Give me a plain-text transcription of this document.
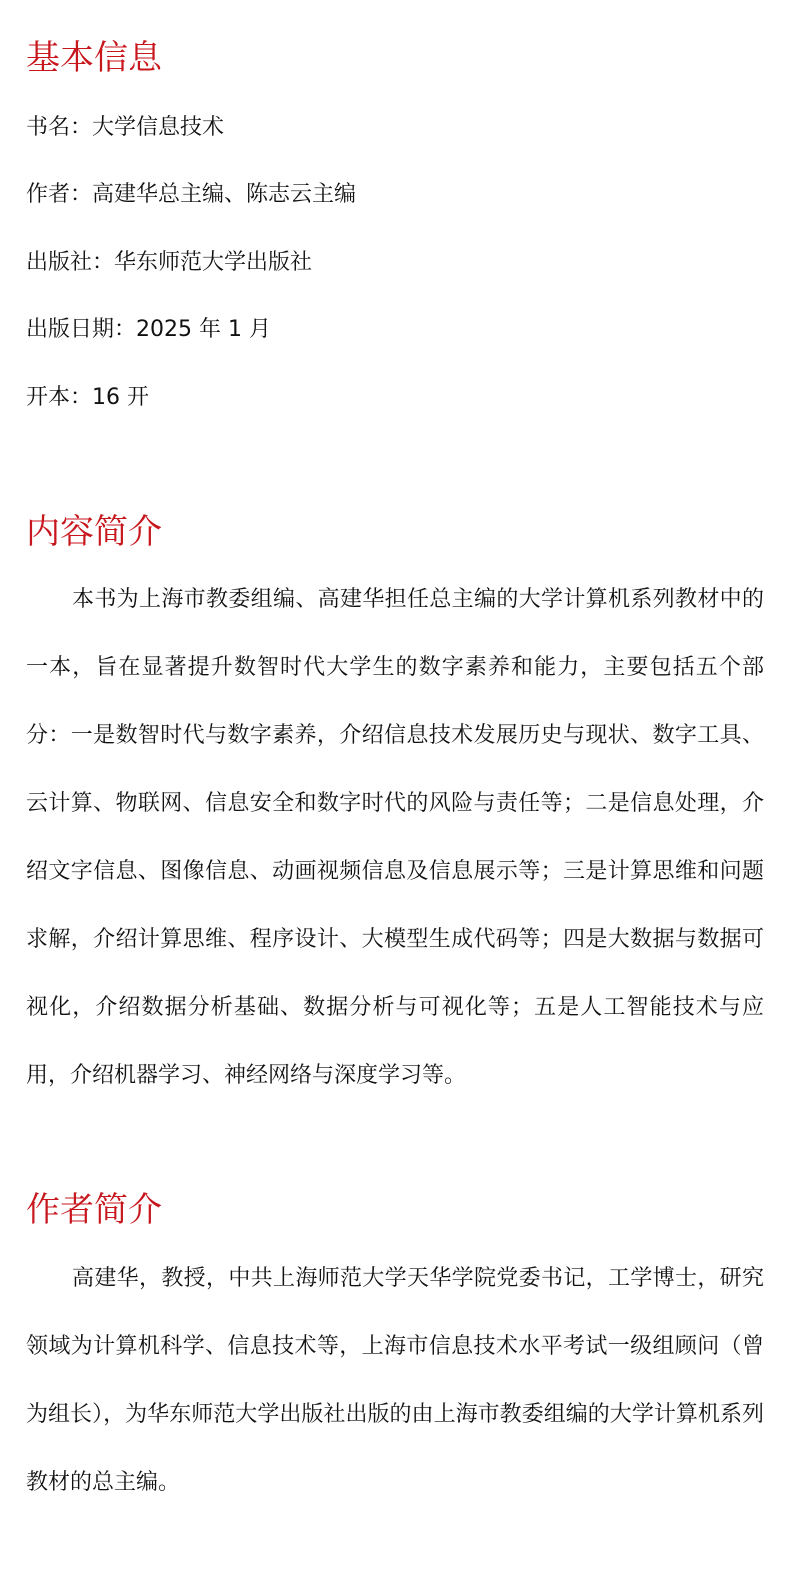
基本信息
书名：大学信息技术
作者：高建华总主编、陈志云主编
出版社：华东师范大学出版社
出版日期：2025 年 1 月
开本：16 开
内容简介
本书为上海市教委组编、高建华担任总主编的大学计算机系列教材中的一本，旨在显著提升数智时代大学生的数字素养和能力，主要包括五个部分：一是数智时代与数字素养，介绍信息技术发展历史与现状、数字工具、云计算、物联网、信息安全和数字时代的风险与责任等；二是信息处理，介绍文字信息、图像信息、动画视频信息及信息展示等；三是计算思维和问题求解，介绍计算思维、程序设计、大模型生成代码等；四是大数据与数据可视化，介绍数据分析基础、数据分析与可视化等；五是人工智能技术与应用，介绍机器学习、神经网络与深度学习等。
作者简介
高建华，教授，中共上海师范大学天华学院党委书记，工学博士，研究领域为计算机科学、信息技术等，上海市信息技术水平考试一级组顾问（曾为组长），为华东师范大学出版社出版的由上海市教委组编的大学计算机系列教材的总主编。
